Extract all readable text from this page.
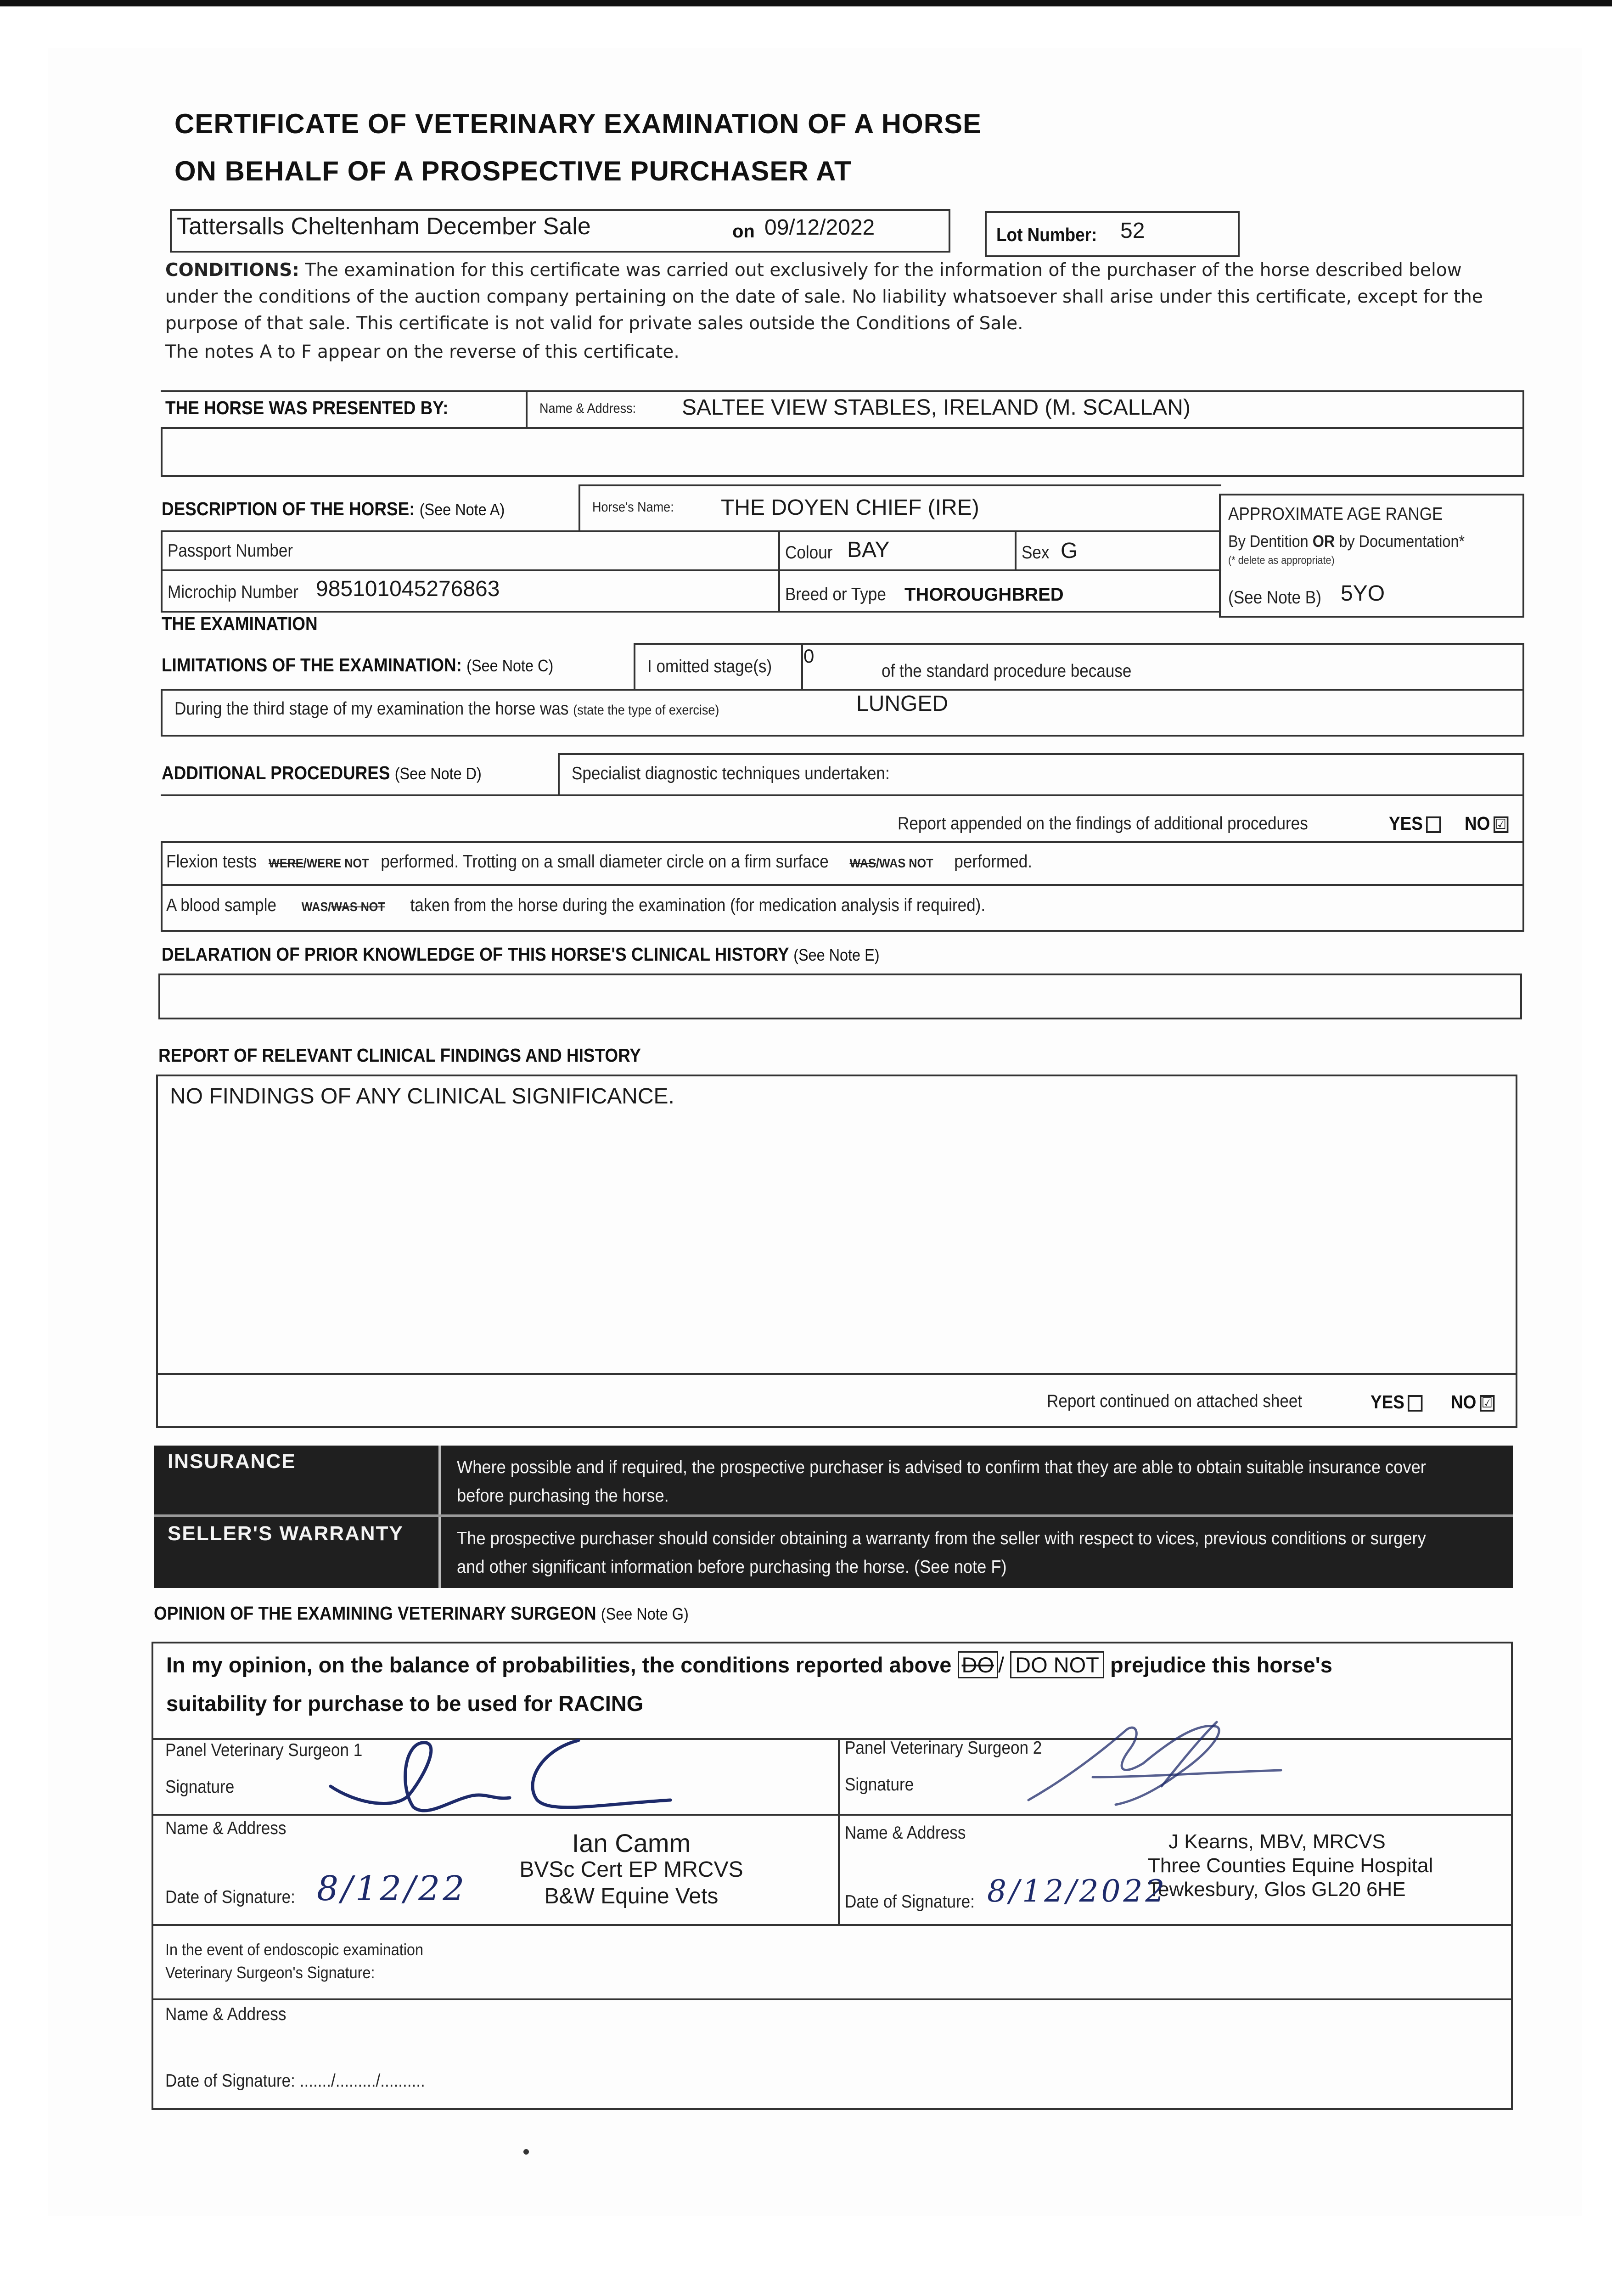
CERTIFICATE OF VETERINARY EXAMINATION OF A HORSE
ON BEHALF OF A PROSPECTIVE PURCHASER AT
Tattersalls Cheltenham December Sale	on 09/12/2022	Lot Number: 52
CONDITIONS: The examination for this certificate was carried out exclusively for the information of the purchaser of the horse described below under the conditions of the auction company pertaining on the date of sale. No liability whatsoever shall arise under this certificate, except for the purpose of that sale. This certificate is not valid for private sales outside the Conditions of Sale.
The notes A to F appear on the reverse of this certificate.
THE HORSE WAS PRESENTED BY:	Name & Address: SALTEE VIEW STABLES, IRELAND (M. SCALLAN)
DESCRIPTION OF THE HORSE: (See Note A)	Horse's Name: THE DOYEN CHIEF (IRE)
Passport Number	Colour BAY	Sex G
Microchip Number 985101045276863	Breed or Type THOROUGHBRED
APPROXIMATE AGE RANGE
By Dentition OR by Documentation*
(* delete as appropriate)
(See Note B) 5YO
THE EXAMINATION
LIMITATIONS OF THE EXAMINATION: (See Note C)	I omitted stage(s) 0
of the standard procedure because
During the third stage of my examination the horse was (state the type of exercise)	LUNGED
ADDITIONAL PROCEDURES (See Note D)	Specialist diagnostic techniques undertaken:
Report appended on the findings of additional procedures	YES	NO ☑
Flexion tests WERE/WERE NOT performed. Trotting on a small diameter circle on a firm surface WAS/WAS NOT performed.
A blood sample WAS/WAS NOT taken from the horse during the examination (for medication analysis if required).
DELARATION OF PRIOR KNOWLEDGE OF THIS HORSE'S CLINICAL HISTORY (See Note E)
REPORT OF RELEVANT CLINICAL FINDINGS AND HISTORY
NO FINDINGS OF ANY CLINICAL SIGNIFICANCE.
Report continued on attached sheet	YES	NO ☑
INSURANCE	Where possible and if required, the prospective purchaser is advised to confirm that they are able to obtain suitable insurance cover before purchasing the horse.
SELLER'S WARRANTY	The prospective purchaser should consider obtaining a warranty from the seller with respect to vices, previous conditions or surgery and other significant information before purchasing the horse. (See note F)
OPINION OF THE EXAMINING VETERINARY SURGEON (See Note G)
In my opinion, on the balance of probabilities, the conditions reported above DO / DO NOT prejudice this horse's
suitability for purchase to be used for RACING
Panel Veterinary Surgeon 1
Signature
Name & Address
Ian Camm
BVSc Cert EP MRCVS
B&W Equine Vets
Date of Signature: 8/12/22
Panel Veterinary Surgeon 2
Signature
Name & Address	J Kearns, MBV, MRCVS
Three Counties Equine Hospital
Tewkesbury, Glos GL20 6HE
Date of Signature: 8/12/2022
In the event of endoscopic examination
Veterinary Surgeon's Signature:
Name & Address
Date of Signature: ......./........./..........
